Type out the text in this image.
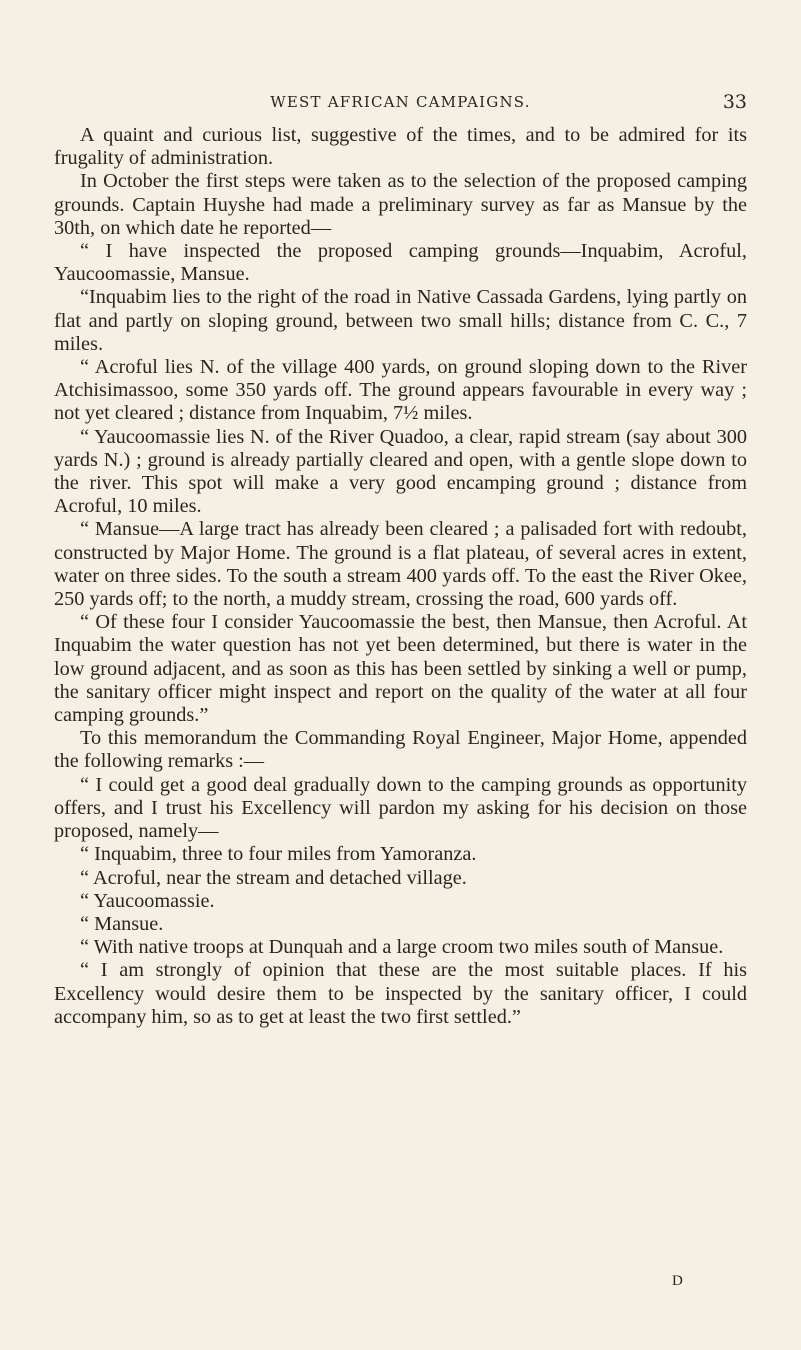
WEST AFRICAN CAMPAIGNS.	33

A quaint and curious list, suggestive of the times, and to be admired for its frugality of administration.

In October the first steps were taken as to the selection of the proposed camping grounds. Captain Huyshe had made a preliminary survey as far as Mansue by the 30th, on which date he reported—

“ I have inspected the proposed camping grounds—Inquabim, Acroful, Yaucoomassie, Mansue.

“Inquabim lies to the right of the road in Native Cassada Gardens, lying partly on flat and partly on sloping ground, between two small hills; distance from C. C., 7 miles.

“ Acroful lies N. of the village 400 yards, on ground sloping down to the River Atchisimassoo, some 350 yards off. The ground appears favourable in every way ; not yet cleared ; distance from Inquabim, 7½ miles.

“ Yaucoomassie lies N. of the River Quadoo, a clear, rapid stream (say about 300 yards N.) ; ground is already partially cleared and open, with a gentle slope down to the river. This spot will make a very good encamping ground ; distance from Acroful, 10 miles.

“ Mansue—A large tract has already been cleared ; a palisaded fort with redoubt, constructed by Major Home. The ground is a flat plateau, of several acres in extent, water on three sides. To the south a stream 400 yards off. To the east the River Okee, 250 yards off; to the north, a muddy stream, crossing the road, 600 yards off.

“ Of these four I consider Yaucoomassie the best, then Mansue, then Acroful. At Inquabim the water question has not yet been determined, but there is water in the low ground adjacent, and as soon as this has been settled by sinking a well or pump, the sanitary officer might inspect and report on the quality of the water at all four camping grounds.”

To this memorandum the Commanding Royal Engineer, Major Home, appended the following remarks :—

“ I could get a good deal gradually down to the camping grounds as opportunity offers, and I trust his Excellency will pardon my asking for his decision on those proposed, namely—

“ Inquabim, three to four miles from Yamoranza.

“ Acroful, near the stream and detached village.

“ Yaucoomassie.

“ Mansue.

“ With native troops at Dunquah and a large croom two miles south of Mansue.

“ I am strongly of opinion that these are the most suitable places. If his Excellency would desire them to be inspected by the sanitary officer, I could accompany him, so as to get at least the two first settled.”

D
